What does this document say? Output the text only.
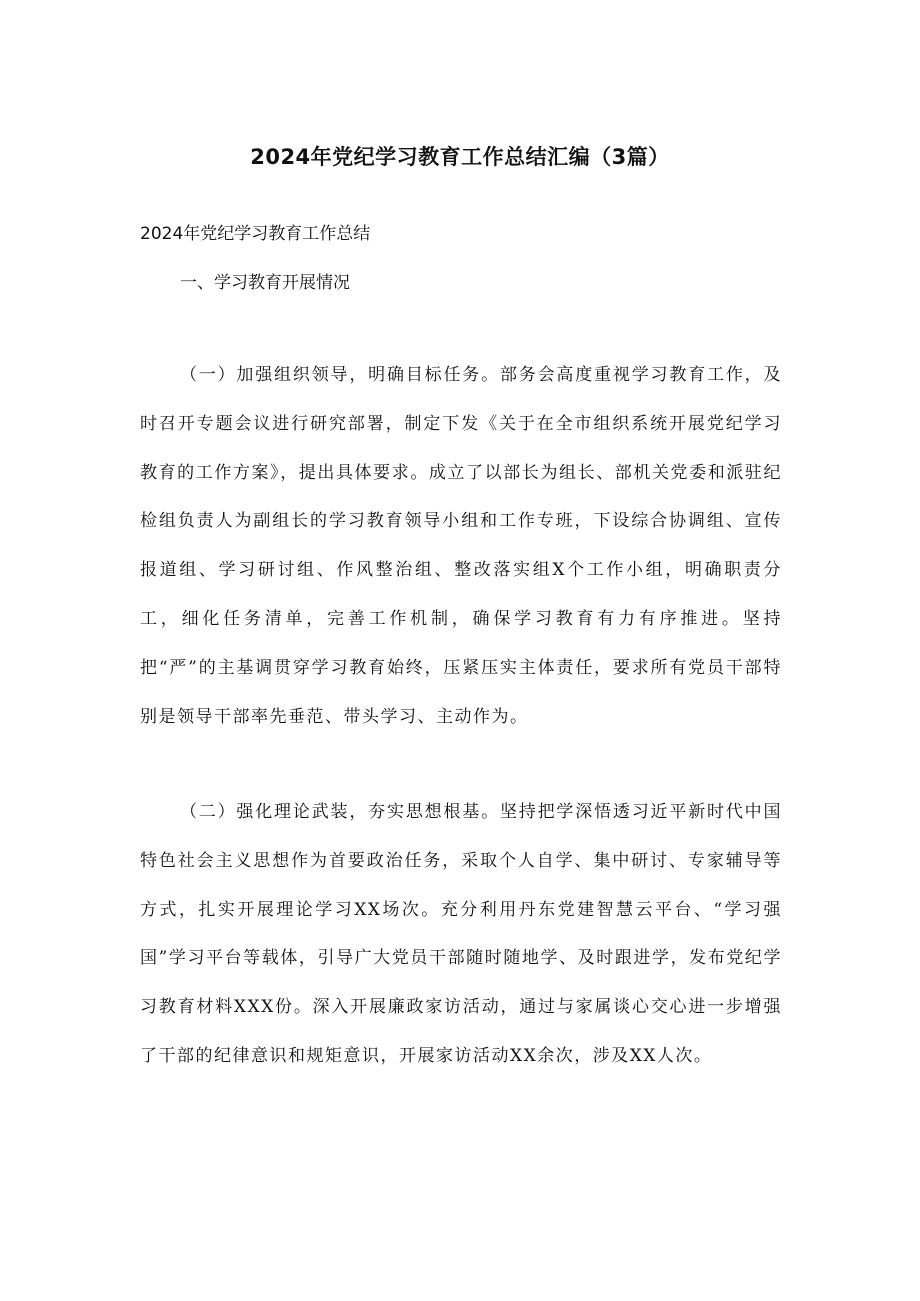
2024年党纪学习教育工作总结汇编（3篇）

2024年党纪学习教育工作总结

一、学习教育开展情况

（一）加强组织领导，明确目标任务。部务会高度重视学习教育工作，及时召开专题会议进行研究部署，制定下发《关于在全市组织系统开展党纪学习教育的工作方案》，提出具体要求。成立了以部长为组长、部机关党委和派驻纪检组负责人为副组长的学习教育领导小组和工作专班，下设综合协调组、宣传报道组、学习研讨组、作风整治组、整改落实组X个工作小组，明确职责分工，细化任务清单，完善工作机制，确保学习教育有力有序推进。坚持把“严”的主基调贯穿学习教育始终，压紧压实主体责任，要求所有党员干部特别是领导干部率先垂范、带头学习、主动作为。

（二）强化理论武装，夯实思想根基。坚持把学深悟透习近平新时代中国特色社会主义思想作为首要政治任务，采取个人自学、集中研讨、专家辅导等方式，扎实开展理论学习XX场次。充分利用丹东党建智慧云平台、“学习强国”学习平台等载体，引导广大党员干部随时随地学、及时跟进学，发布党纪学习教育材料XXX份。深入开展廉政家访活动，通过与家属谈心交心进一步增强了干部的纪律意识和规矩意识，开展家访活动XX余次，涉及XX人次。
